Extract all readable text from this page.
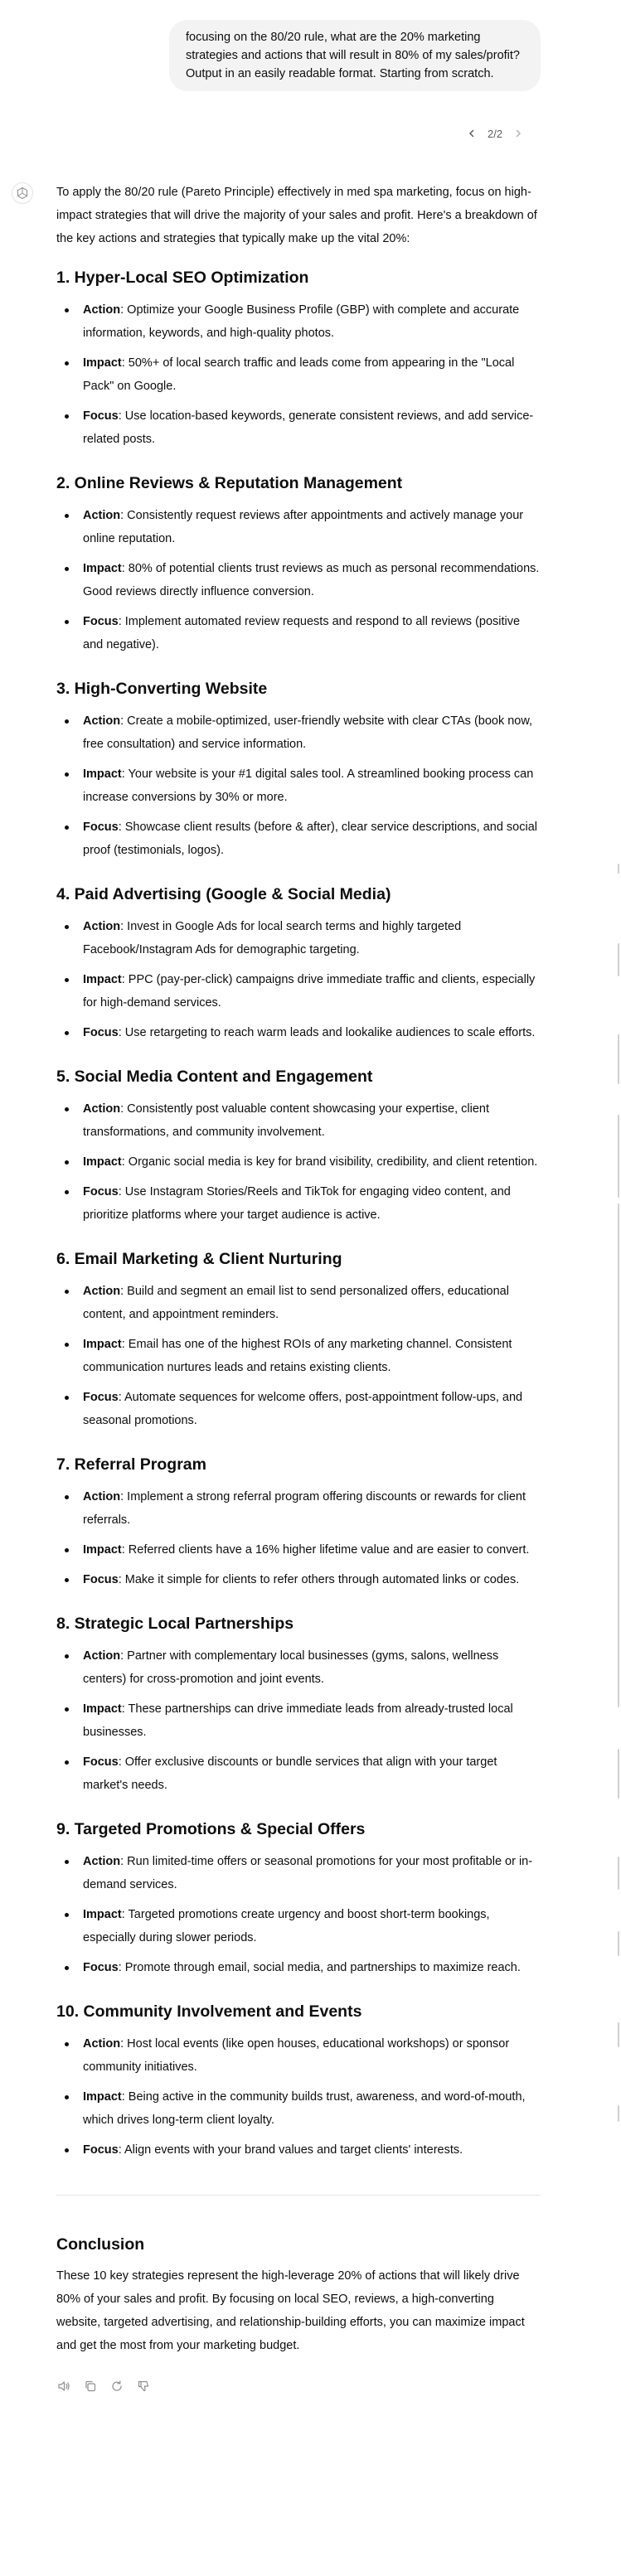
focusing on the 80/20 rule, what are the 20% marketing strategies and actions that will result in 80% of my sales/profit? Output in an easily readable format. Starting from scratch.
2/2

To apply the 80/20 rule (Pareto Principle) effectively in med spa marketing, focus on high-impact strategies that will drive the majority of your sales and profit. Here's a breakdown of the key actions and strategies that typically make up the vital 20%:

1. Hyper-Local SEO Optimization
Action: Optimize your Google Business Profile (GBP) with complete and accurate information, keywords, and high-quality photos.
Impact: 50%+ of local search traffic and leads come from appearing in the "Local Pack" on Google.
Focus: Use location-based keywords, generate consistent reviews, and add service-related posts.
2. Online Reviews & Reputation Management
Action: Consistently request reviews after appointments and actively manage your online reputation.
Impact: 80% of potential clients trust reviews as much as personal recommendations. Good reviews directly influence conversion.
Focus: Implement automated review requests and respond to all reviews (positive and negative).
3. High-Converting Website
Action: Create a mobile-optimized, user-friendly website with clear CTAs (book now, free consultation) and service information.
Impact: Your website is your #1 digital sales tool. A streamlined booking process can increase conversions by 30% or more.
Focus: Showcase client results (before & after), clear service descriptions, and social proof (testimonials, logos).
4. Paid Advertising (Google & Social Media)
Action: Invest in Google Ads for local search terms and highly targeted Facebook/Instagram Ads for demographic targeting.
Impact: PPC (pay-per-click) campaigns drive immediate traffic and clients, especially for high-demand services.
Focus: Use retargeting to reach warm leads and lookalike audiences to scale efforts.
5. Social Media Content and Engagement
Action: Consistently post valuable content showcasing your expertise, client transformations, and community involvement.
Impact: Organic social media is key for brand visibility, credibility, and client retention.
Focus: Use Instagram Stories/Reels and TikTok for engaging video content, and prioritize platforms where your target audience is active.
6. Email Marketing & Client Nurturing
Action: Build and segment an email list to send personalized offers, educational content, and appointment reminders.
Impact: Email has one of the highest ROIs of any marketing channel. Consistent communication nurtures leads and retains existing clients.
Focus: Automate sequences for welcome offers, post-appointment follow-ups, and seasonal promotions.
7. Referral Program
Action: Implement a strong referral program offering discounts or rewards for client referrals.
Impact: Referred clients have a 16% higher lifetime value and are easier to convert.
Focus: Make it simple for clients to refer others through automated links or codes.
8. Strategic Local Partnerships
Action: Partner with complementary local businesses (gyms, salons, wellness centers) for cross-promotion and joint events.
Impact: These partnerships can drive immediate leads from already-trusted local businesses.
Focus: Offer exclusive discounts or bundle services that align with your target market's needs.
9. Targeted Promotions & Special Offers
Action: Run limited-time offers or seasonal promotions for your most profitable or in-demand services.
Impact: Targeted promotions create urgency and boost short-term bookings, especially during slower periods.
Focus: Promote through email, social media, and partnerships to maximize reach.
10. Community Involvement and Events
Action: Host local events (like open houses, educational workshops) or sponsor community initiatives.
Impact: Being active in the community builds trust, awareness, and word-of-mouth, which drives long-term client loyalty.
Focus: Align events with your brand values and target clients' interests.
Conclusion

These 10 key strategies represent the high-leverage 20% of actions that will likely drive 80% of your sales and profit. By focusing on local SEO, reviews, a high-converting website, targeted advertising, and relationship-building efforts, you can maximize impact and get the most from your marketing budget.
